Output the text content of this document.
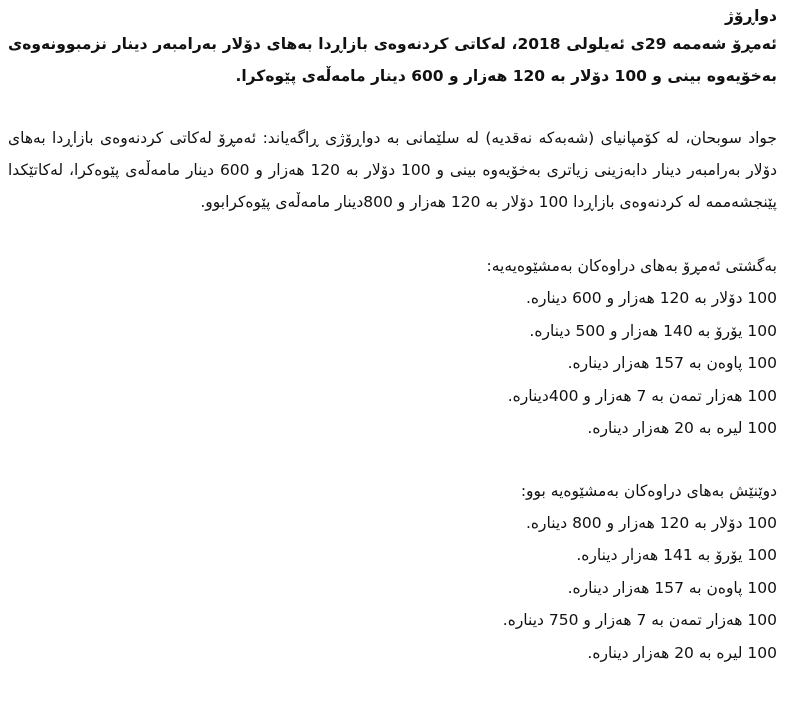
دواڕۆژ

ئەمڕۆ شەممە 29ی ئەیلولی 2018، لەکاتی کردنەوەی بازاڕدا بەهای دۆلار بەرامبەر دینار نزمبوونەوەی بەخۆیەوە بینی و 100 دۆلار بە 120 هەزار و 600 دینار مامەڵەی پێوەکرا.

جواد سوبحان، لە کۆمپانیای (شەبەکە نەقدیە) لە سلێمانی بە دواڕۆژی ڕاگەیاند: ئەمڕۆ لەکاتی کردنەوەی بازاڕدا بەهای دۆلار بەرامبەر دینار دابەزینی زیاتری بەخۆیەوە بینی و 100 دۆلار بە 120 هەزار و 600 دینار مامەڵەی پێوەکرا، لەکاتێکدا پێنجشەممە لە کردنەوەی بازاڕدا 100 دۆلار بە 120 هەزار و 800دینار مامەڵەی پێوەکرابوو.

بەگشتی ئەمڕۆ بەهای دراوەکان بەمشێوەیەیە:

100 دۆلار بە 120 هەزار و 600 دینارە.
100 یۆرۆ بە 140 هەزار و 500 دینارە.
100 پاوەن بە 157 هەزار دینارە.
100 هەزار تمەن بە 7 هەزار و 400دینارە.
100 لیرە بە 20 هەزار دینارە.

دوێنێش بەهای دراوەکان بەمشێوەیە بوو:

100 دۆلار بە 120 هەزار و 800 دینارە.
100 یۆرۆ بە 141 هەزار دینارە.
100 پاوەن بە 157 هەزار دینارە.
100 هەزار تمەن بە 7 هەزار و 750 دینارە.
100 لیرە بە 20 هەزار دینارە.
